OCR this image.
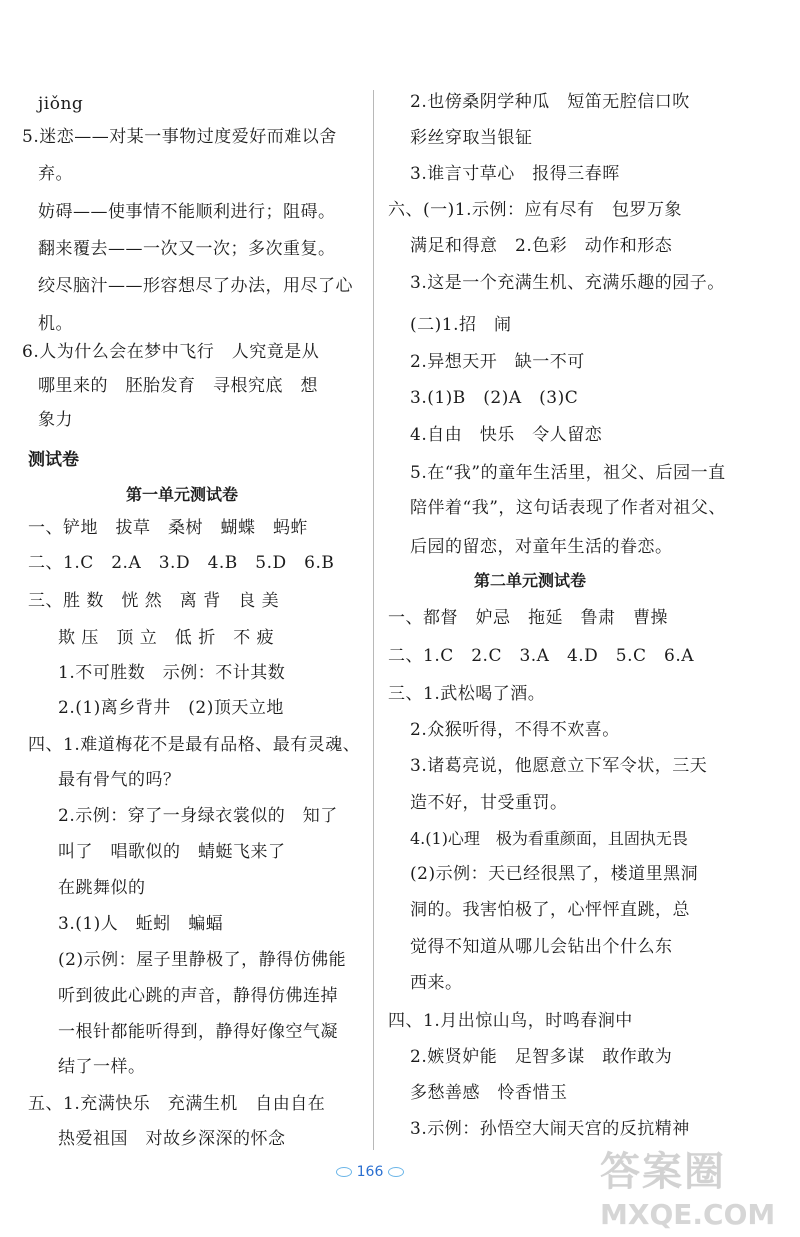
jiǒng
5.迷恋——对某一事物过度爱好而难以舍
弃。
妨碍——使事情不能顺利进行；阻碍。
翻来覆去——一次又一次；多次重复。
绞尽脑汁——形容想尽了办法，用尽了心
机。
6.人为什么会在梦中飞行　人究竟是从
哪里来的　胚胎发育　寻根究底　想
象力
测试卷
第一单元测试卷
一、铲地　拔草　桑树　蝴蝶　蚂蚱
二、1.C　2.A　3.D　4.B　5.D　6.B
三、胜 数　恍 然　离 背　良 美
欺 压　顶 立　低 折　不 疲
1.不可胜数　示例：不计其数
2.(1)离乡背井　(2)顶天立地
四、1.难道梅花不是最有品格、最有灵魂、
最有骨气的吗？
2.示例：穿了一身绿衣裳似的　知了
叫了　唱歌似的　蜻蜓飞来了
在跳舞似的
3.(1)人　蚯蚓　蝙蝠
(2)示例：屋子里静极了，静得仿佛能
听到彼此心跳的声音，静得仿佛连掉
一根针都能听得到，静得好像空气凝
结了一样。
五、1.充满快乐　充满生机　自由自在
热爱祖国　对故乡深深的怀念
2.也傍桑阴学种瓜　短笛无腔信口吹
彩丝穿取当银钲
3.谁言寸草心　报得三春晖
六、(一)1.示例：应有尽有　包罗万象
满足和得意　2.色彩　动作和形态
3.这是一个充满生机、充满乐趣的园子。
(二)1.招　闹
2.异想天开　缺一不可
3.(1)B　(2)A　(3)C
4.自由　快乐　令人留恋
5.在“我”的童年生活里，祖父、后园一直
陪伴着“我”，这句话表现了作者对祖父、
后园的留恋，对童年生活的眷恋。
第二单元测试卷
一、都督　妒忌　拖延　鲁肃　曹操
二、1.C　2.C　3.A　4.D　5.C　6.A
三、1.武松喝了酒。
2.众猴听得，不得不欢喜。
3.诸葛亮说，他愿意立下军令状，三天
造不好，甘受重罚。
4.(1)心理　极为看重颜面，且固执无畏
(2)示例：天已经很黑了，楼道里黑洞
洞的。我害怕极了，心怦怦直跳，总
觉得不知道从哪儿会钻出个什么东
西来。
四、1.月出惊山鸟，时鸣春涧中
2.嫉贤妒能　足智多谋　敢作敢为
多愁善感　怜香惜玉
3.示例：孙悟空大闹天宫的反抗精神
166	答案圈
MXQE.COM
